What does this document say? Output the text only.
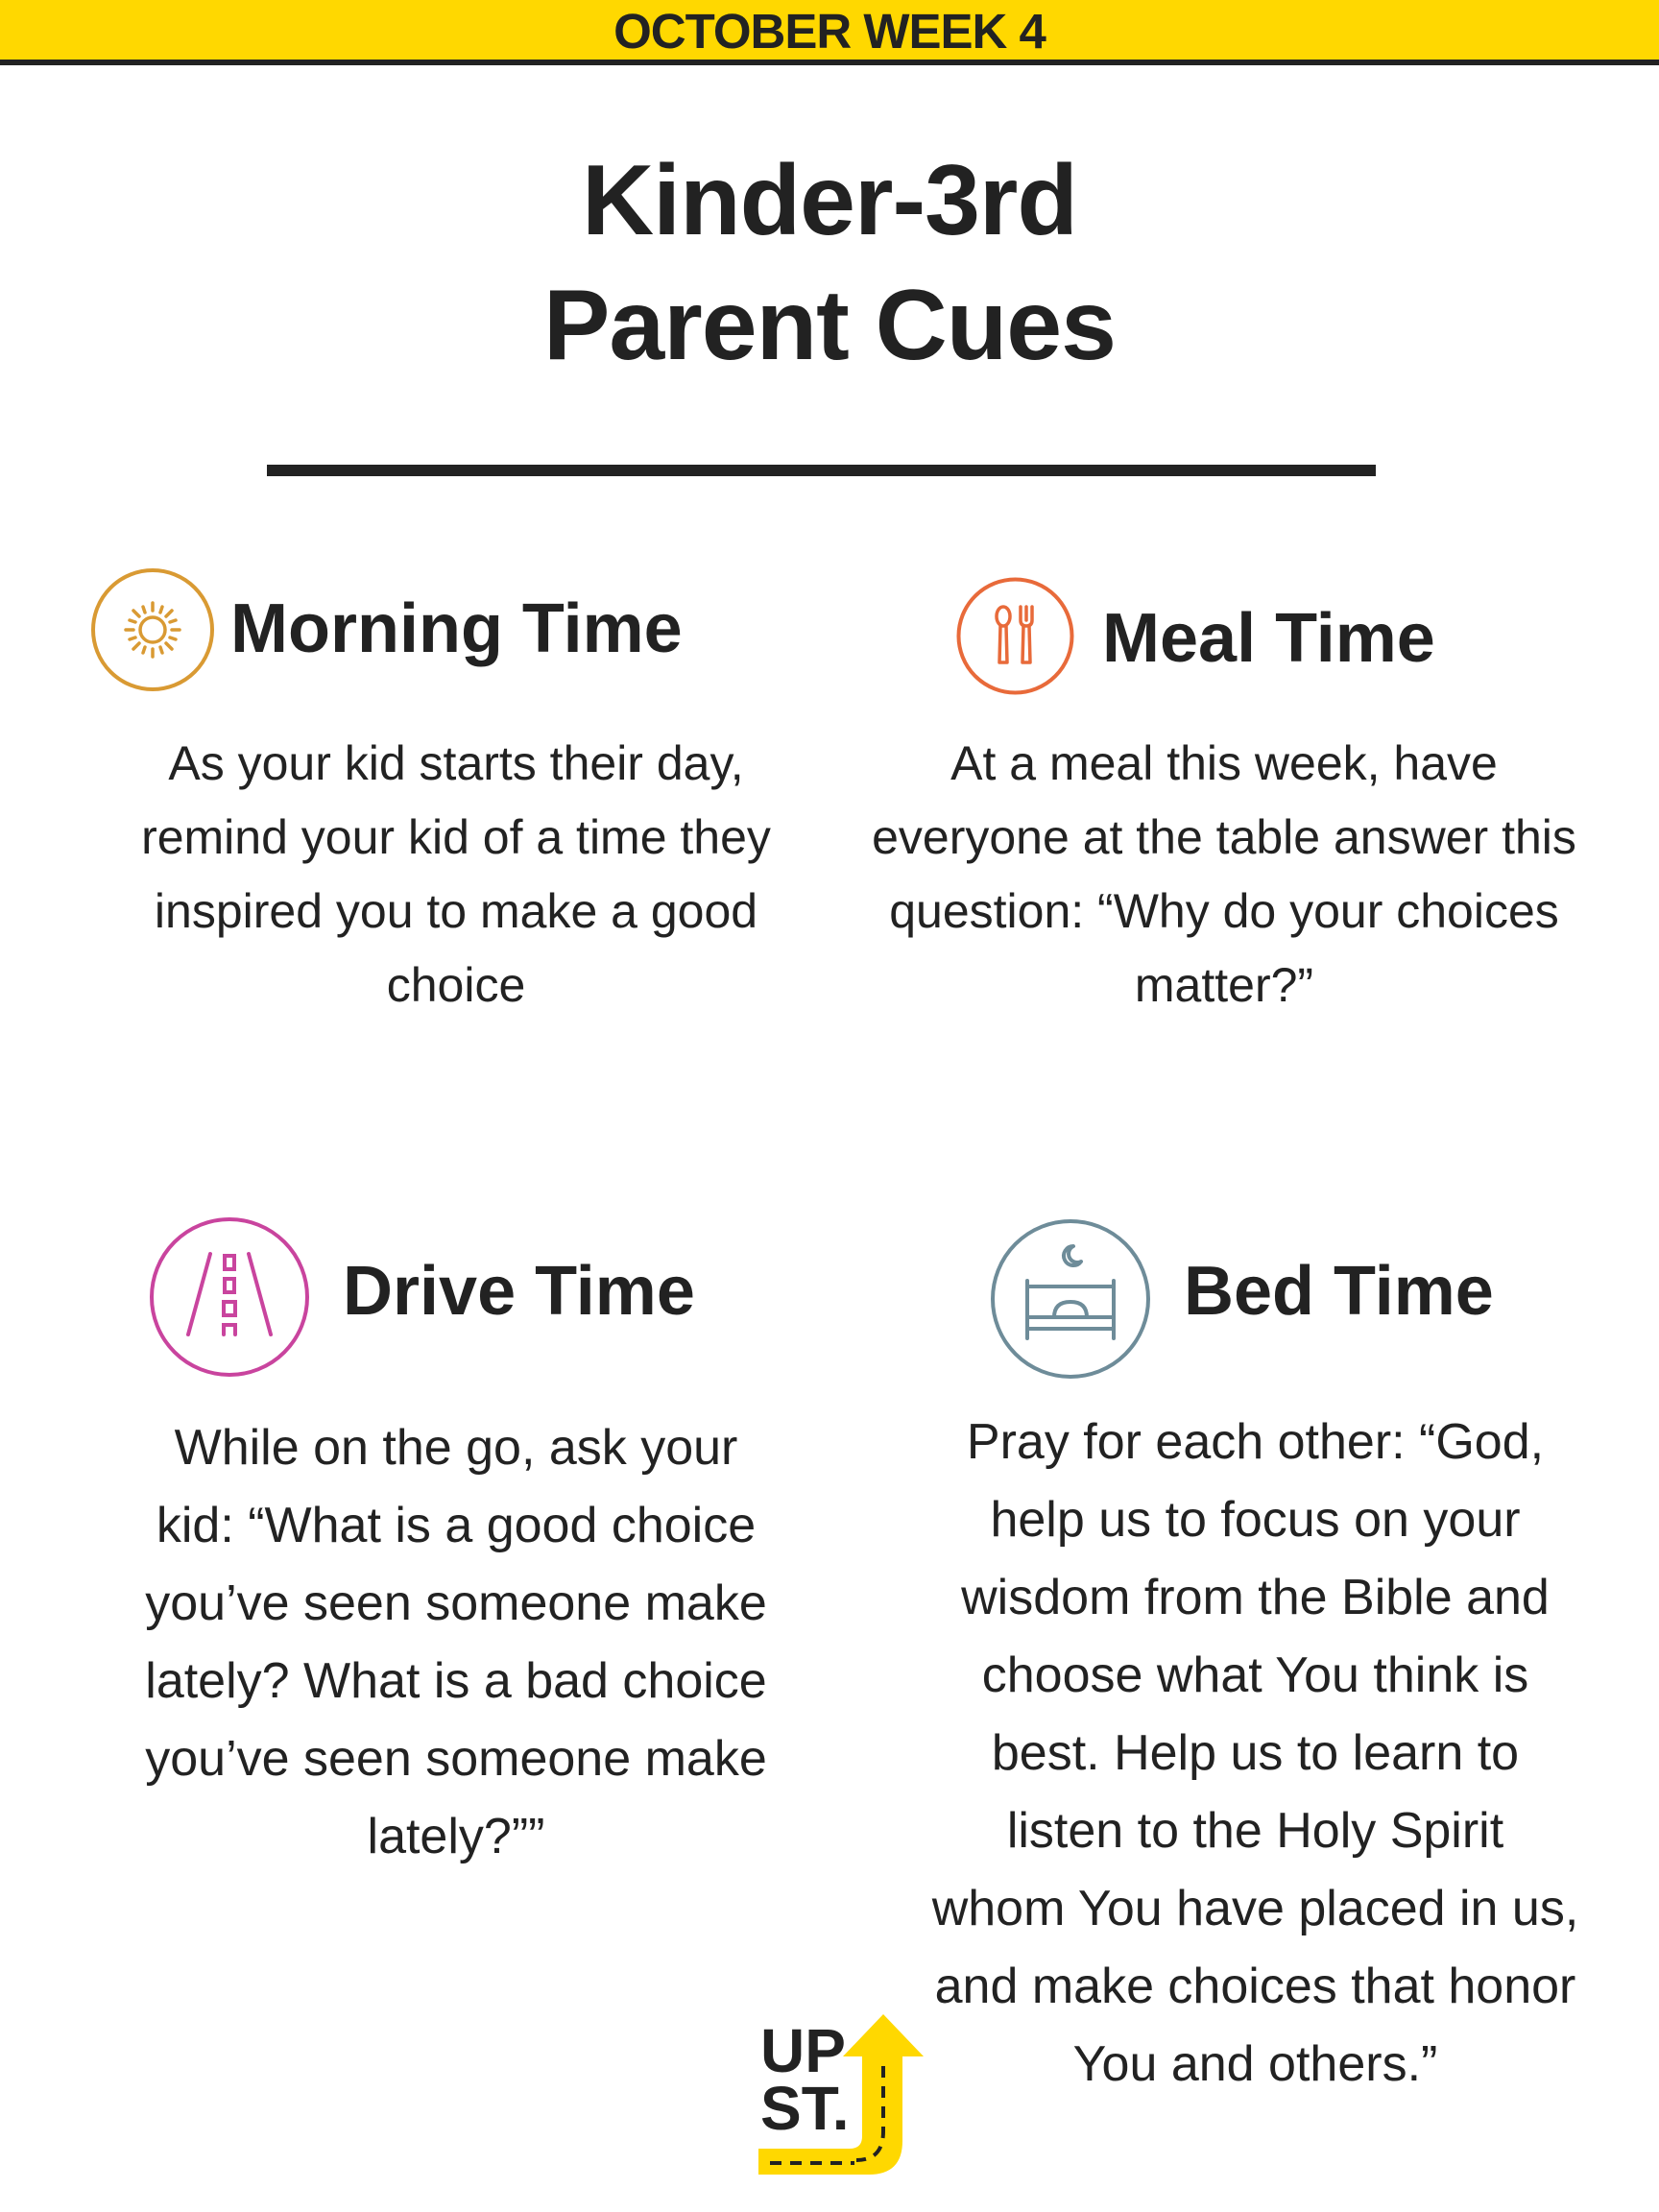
OCTOBER WEEK 4
Kinder-3rd
Parent Cues
Morning Time
As your kid starts their day,
remind your kid of a time they
inspired you to make a good
choice
Meal Time
At a meal this week, have
everyone at the table answer this
question: “Why do your choices
matter?”
Drive Time
While on the go, ask your
kid: “What is a good choice
you’ve seen someone make
lately? What is a bad choice
you’ve seen someone make
lately?””
Bed Time
Pray for each other: “God,
help us to focus on your
wisdom from the Bible and
choose what You think is
best. Help us to learn to
listen to the Holy Spirit
whom You have placed in us,
and make choices that honor
You and others.”
UP
ST.
